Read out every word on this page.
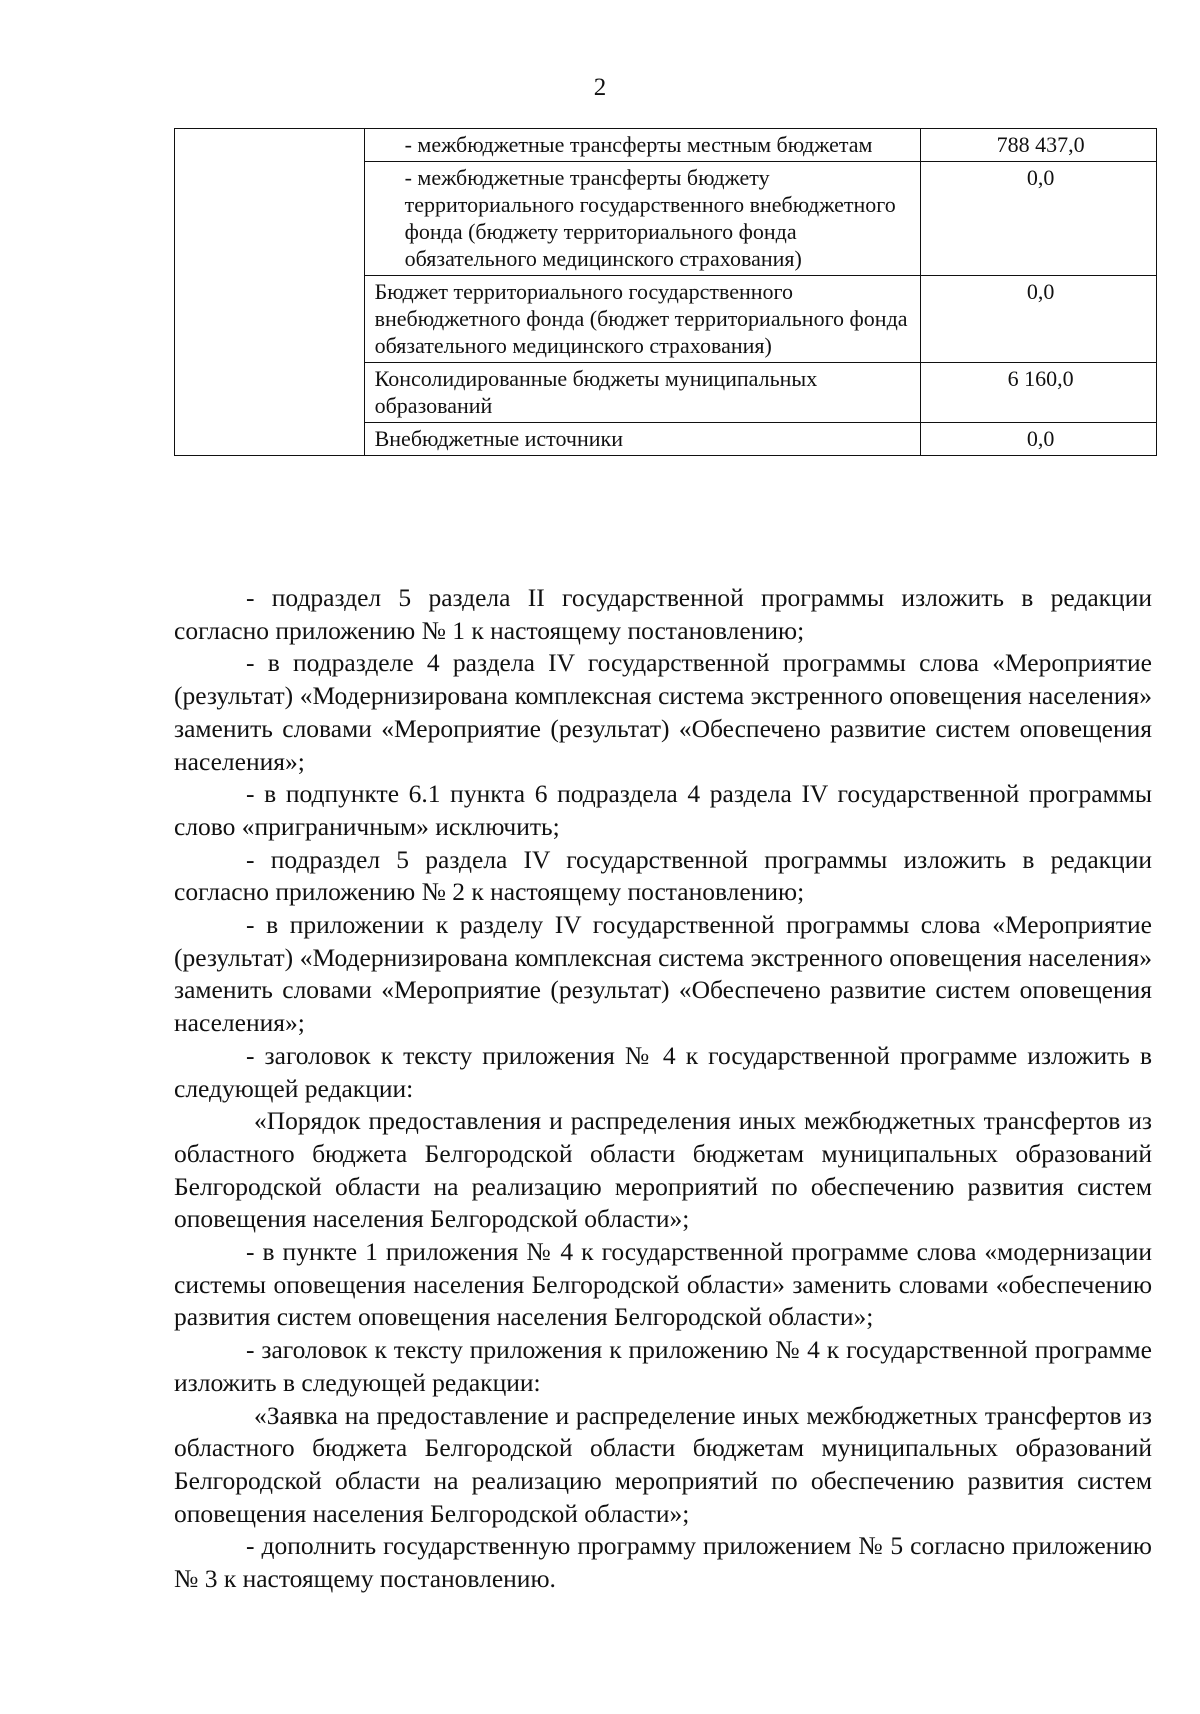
2
	- межбюджетные трансферты местным бюджетам	788 437,0
	- межбюджетные трансферты бюджету территориального государственного внебюджетного фонда (бюджету территориального фонда обязательного медицинского страхования)	0,0
	Бюджет территориального государственного внебюджетного фонда (бюджет территориального фонда обязательного медицинского страхования)	0,0
	Консолидированные бюджеты муниципальных образований	6 160,0
	Внебюджетные источники	0,0

- подраздел 5 раздела II государственной программы изложить в редакции согласно приложению № 1 к настоящему постановлению;

- в подразделе 4 раздела IV государственной программы слова «Мероприятие (результат) «Модернизирована комплексная система экстренного оповещения населения» заменить словами «Мероприятие (результат) «Обеспечено развитие систем оповещения населения»;

- в подпункте 6.1 пункта 6 подраздела 4 раздела IV государственной программы слово «приграничным» исключить;

- подраздел 5 раздела IV государственной программы изложить в редакции согласно приложению № 2 к настоящему постановлению;

- в приложении к разделу IV государственной программы слова «Мероприятие (результат) «Модернизирована комплексная система экстренного оповещения населения» заменить словами «Мероприятие (результат) «Обеспечено развитие систем оповещения населения»;

- заголовок к тексту приложения № 4 к государственной программе изложить в следующей редакции:

«Порядок предоставления и распределения иных межбюджетных трансфертов из областного бюджета Белгородской области бюджетам муниципальных образований Белгородской области на реализацию мероприятий по обеспечению развития систем оповещения населения Белгородской области»;

- в пункте 1 приложения № 4 к государственной программе слова «модернизации системы оповещения населения Белгородской области» заменить словами «обеспечению развития систем оповещения населения Белгородской области»;

- заголовок к тексту приложения к приложению № 4 к государственной программе изложить в следующей редакции:

«Заявка на предоставление и распределение иных межбюджетных трансфертов из областного бюджета Белгородской области бюджетам муниципальных образований Белгородской области на реализацию мероприятий по обеспечению развития систем оповещения населения Белгородской области»;

- дополнить государственную программу приложением № 5 согласно приложению № 3 к настоящему постановлению.
